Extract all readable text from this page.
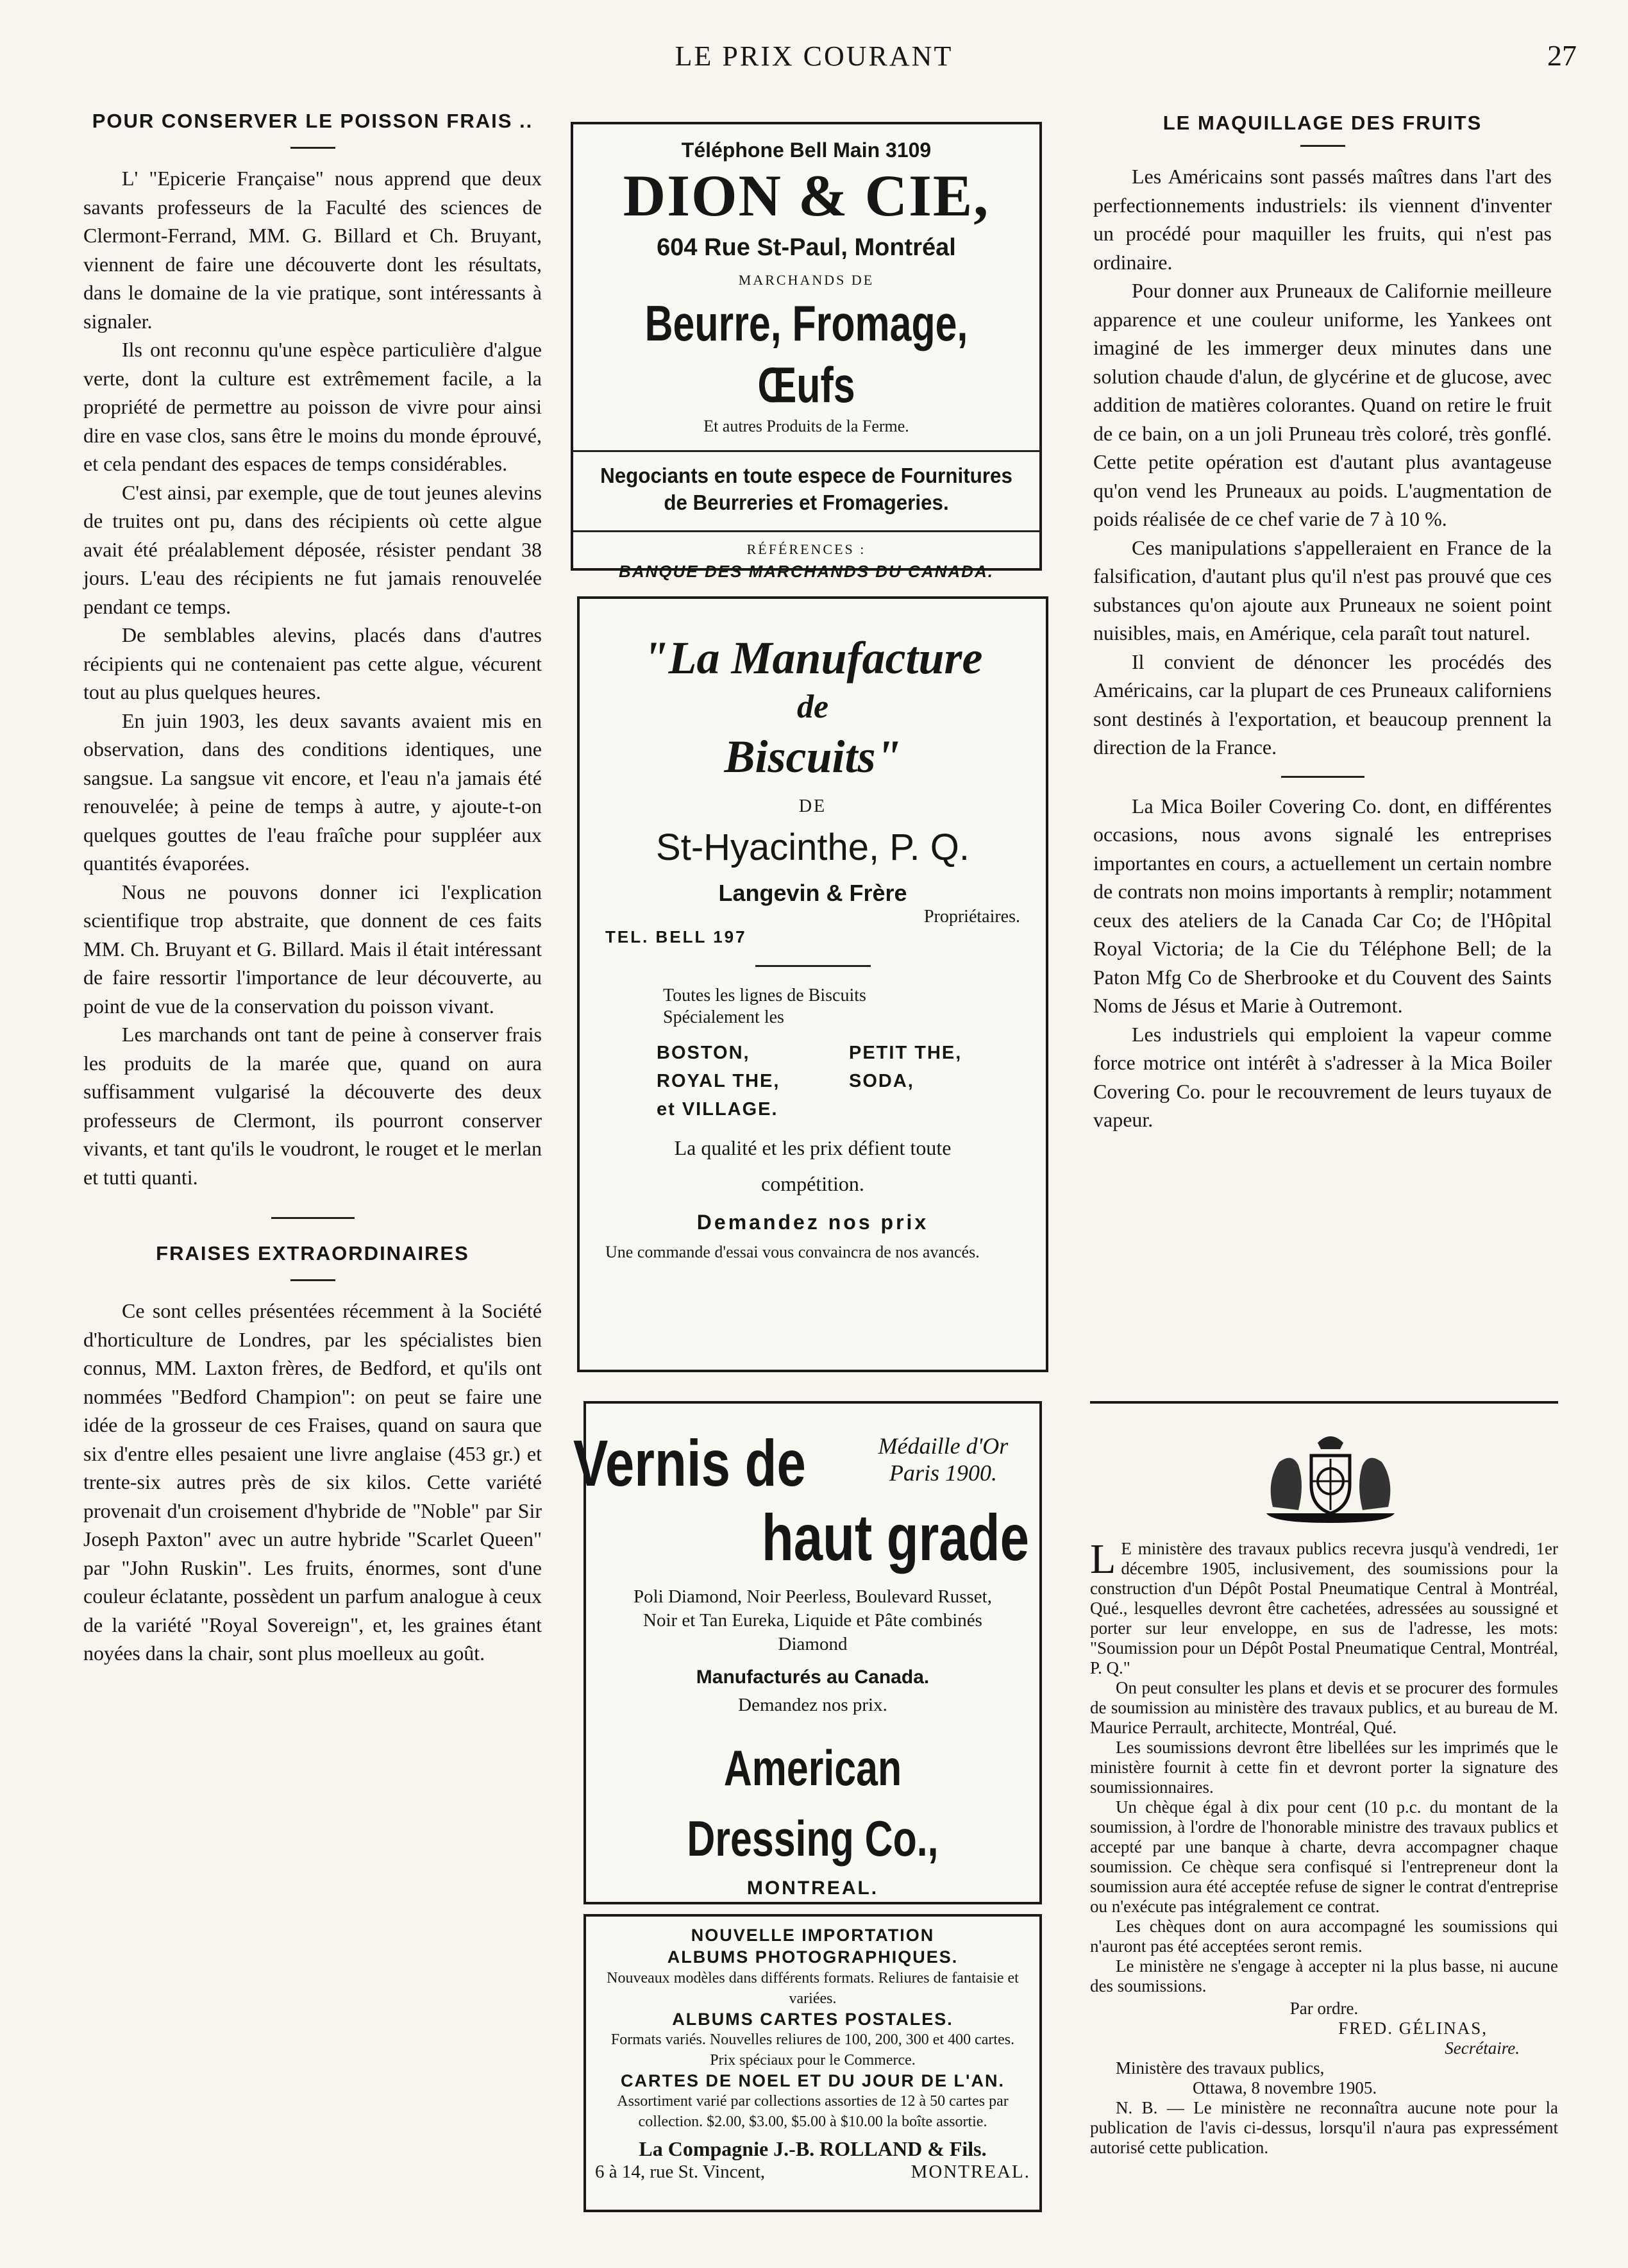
LE PRIX COURANT	27
POUR CONSERVER LE POISSON FRAIS ..

L' "Epicerie Française" nous apprend que deux savants professeurs de la Faculté des sciences de Clermont-Ferrand, MM. G. Billard et Ch. Bruyant, viennent de faire une découverte dont les résultats, dans le domaine de la vie pratique, sont intéressants à signaler.

Ils ont reconnu qu'une espèce particulière d'algue verte, dont la culture est extrêmement facile, a la propriété de permettre au poisson de vivre pour ainsi dire en vase clos, sans être le moins du monde éprouvé, et cela pendant des espaces de temps considérables.

C'est ainsi, par exemple, que de tout jeunes alevins de truites ont pu, dans des récipients où cette algue avait été préalablement déposée, résister pendant 38 jours. L'eau des récipients ne fut jamais renouvelée pendant ce temps.

De semblables alevins, placés dans d'autres récipients qui ne contenaient pas cette algue, vécurent tout au plus quelques heures.

En juin 1903, les deux savants avaient mis en observation, dans des conditions identiques, une sangsue. La sangsue vit encore, et l'eau n'a jamais été renouvelée; à peine de temps à autre, y ajoute-t-on quelques gouttes de l'eau fraîche pour suppléer aux quantités évaporées.

Nous ne pouvons donner ici l'explication scientifique trop abstraite, que donnent de ces faits MM. Ch. Bruyant et G. Billard. Mais il était intéressant de faire ressortir l'importance de leur découverte, au point de vue de la conservation du poisson vivant.

Les marchands ont tant de peine à conserver frais les produits de la marée que, quand on aura suffisamment vulgarisé la découverte des deux professeurs de Clermont, ils pourront conserver vivants, et tant qu'ils le voudront, le rouget et le merlan et tutti quanti.

FRAISES EXTRAORDINAIRES

Ce sont celles présentées récemment à la Société d'horticulture de Londres, par les spécialistes bien connus, MM. Laxton frères, de Bedford, et qu'ils ont nommées "Bedford Champion": on peut se faire une idée de la grosseur de ces Fraises, quand on saura que six d'entre elles pesaient une livre anglaise (453 gr.) et trente-six autres près de six kilos. Cette variété provenait d'un croisement d'hybride de "Noble" par Sir Joseph Paxton" avec un autre hybride "Scarlet Queen" par "John Ruskin". Les fruits, énormes, sont d'une couleur éclatante, possèdent un parfum analogue à ceux de la variété "Royal Sovereign", et, les graines étant noyées dans la chair, sont plus moelleux au goût.

Téléphone Bell Main 3109
DION & CIE,
604 Rue St-Paul, Montréal
MARCHANDS DE
Beurre, Fromage, Œufs
Et autres Produits de la Ferme.
Negociants en toute espece de Fournitures de Beurreries et Fromageries.
RÉFÉRENCES :
BANQUE DES MARCHANDS DU CANADA.
"La Manufacture
de
Biscuits"
DE
St-Hyacinthe, P. Q.
Langevin & Frère
Propriétaires.
TEL. BELL 197
Toutes les lignes de Biscuits Spécialement les
BOSTON,	PETIT THE,
ROYAL THE,	SODA,
et VILLAGE.
La qualité et les prix défient toute compétition.
Demandez nos prix
Une commande d'essai vous convaincra de nos avancés.
Vernis de	Médaille d'Or Paris 1900.
haut grade
Poli Diamond, Noir Peerless, Boulevard Russet, Noir et Tan Eureka, Liquide et Pâte combinés Diamond
Manufacturés au Canada.
Demandez nos prix.
American Dressing Co.,
MONTREAL.
NOUVELLE IMPORTATION ALBUMS PHOTOGRAPHIQUES.
Nouveaux modèles dans différents formats. Reliures de fantaisie et variées.
ALBUMS CARTES POSTALES.
Formats variés. Nouvelles reliures de 100, 200, 300 et 400 cartes. Prix spéciaux pour le Commerce.
CARTES DE NOEL ET DU JOUR DE L'AN.
Assortiment varié par collections assorties de 12 à 50 cartes par collection. $2.00, $3.00, $5.00 à $10.00 la boîte assortie.
La Compagnie J.-B. ROLLAND & Fils.
6 à 14, rue St. Vincent,	MONTREAL.
LE MAQUILLAGE DES FRUITS

Les Américains sont passés maîtres dans l'art des perfectionnements industriels: ils viennent d'inventer un procédé pour maquiller les fruits, qui n'est pas ordinaire.

Pour donner aux Pruneaux de Californie meilleure apparence et une couleur uniforme, les Yankees ont imaginé de les immerger deux minutes dans une solution chaude d'alun, de glycérine et de glucose, avec addition de matières colorantes. Quand on retire le fruit de ce bain, on a un joli Pruneau très coloré, très gonflé. Cette petite opération est d'autant plus avantageuse qu'on vend les Pruneaux au poids. L'augmentation de poids réalisée de ce chef varie de 7 à 10 %.

Ces manipulations s'appelleraient en France de la falsification, d'autant plus qu'il n'est pas prouvé que ces substances qu'on ajoute aux Pruneaux ne soient point nuisibles, mais, en Amérique, cela paraît tout naturel.

Il convient de dénoncer les procédés des Américains, car la plupart de ces Pruneaux californiens sont destinés à l'exportation, et beaucoup prennent la direction de la France.

La Mica Boiler Covering Co. dont, en différentes occasions, nous avons signalé les entreprises importantes en cours, a actuellement un certain nombre de contrats non moins importants à remplir; notamment ceux des ateliers de la Canada Car Co; de l'Hôpital Royal Victoria; de la Cie du Téléphone Bell; de la Paton Mfg Co de Sherbrooke et du Couvent des Saints Noms de Jésus et Marie à Outremont.

Les industriels qui emploient la vapeur comme force motrice ont intérêt à s'adresser à la Mica Boiler Covering Co. pour le recouvrement de leurs tuyaux de vapeur.

L E ministère des travaux publics recevra jusqu'à vendredi, 1er décembre 1905, inclusivement, des soumissions pour la construction d'un Dépôt Postal Pneumatique Central à Montréal, Qué., lesquelles devront être cachetées, adressées au soussigné et porter sur leur enveloppe, en sus de l'adresse, les mots: "Soumission pour un Dépôt Postal Pneumatique Central, Montréal, P. Q."

On peut consulter les plans et devis et se procurer des formules de soumission au ministère des travaux publics, et au bureau de M. Maurice Perrault, architecte, Montréal, Qué.

Les soumissions devront être libellées sur les imprimés que le ministère fournit à cette fin et devront porter la signature des soumissionnaires.

Un chèque égal à dix pour cent (10 p.c. du montant de la soumission, à l'ordre de l'honorable ministre des travaux publics et accepté par une banque à charte, devra accompagner chaque soumission. Ce chèque sera confisqué si l'entrepreneur dont la soumission aura été acceptée refuse de signer le contrat d'entreprise ou n'exécute pas intégralement ce contrat.

Les chèques dont on aura accompagné les soumissions qui n'auront pas été acceptées seront remis.

Le ministère ne s'engage à accepter ni la plus basse, ni aucune des soumissions.

Par ordre.
FRED. GÉLINAS,
Secrétaire.
Ministère des travaux publics,
Ottawa, 8 novembre 1905.

N. B. — Le ministère ne reconnaîtra aucune note pour la publication de l'avis ci-dessus, lorsqu'il n'aura pas expressément autorisé cette publication.
